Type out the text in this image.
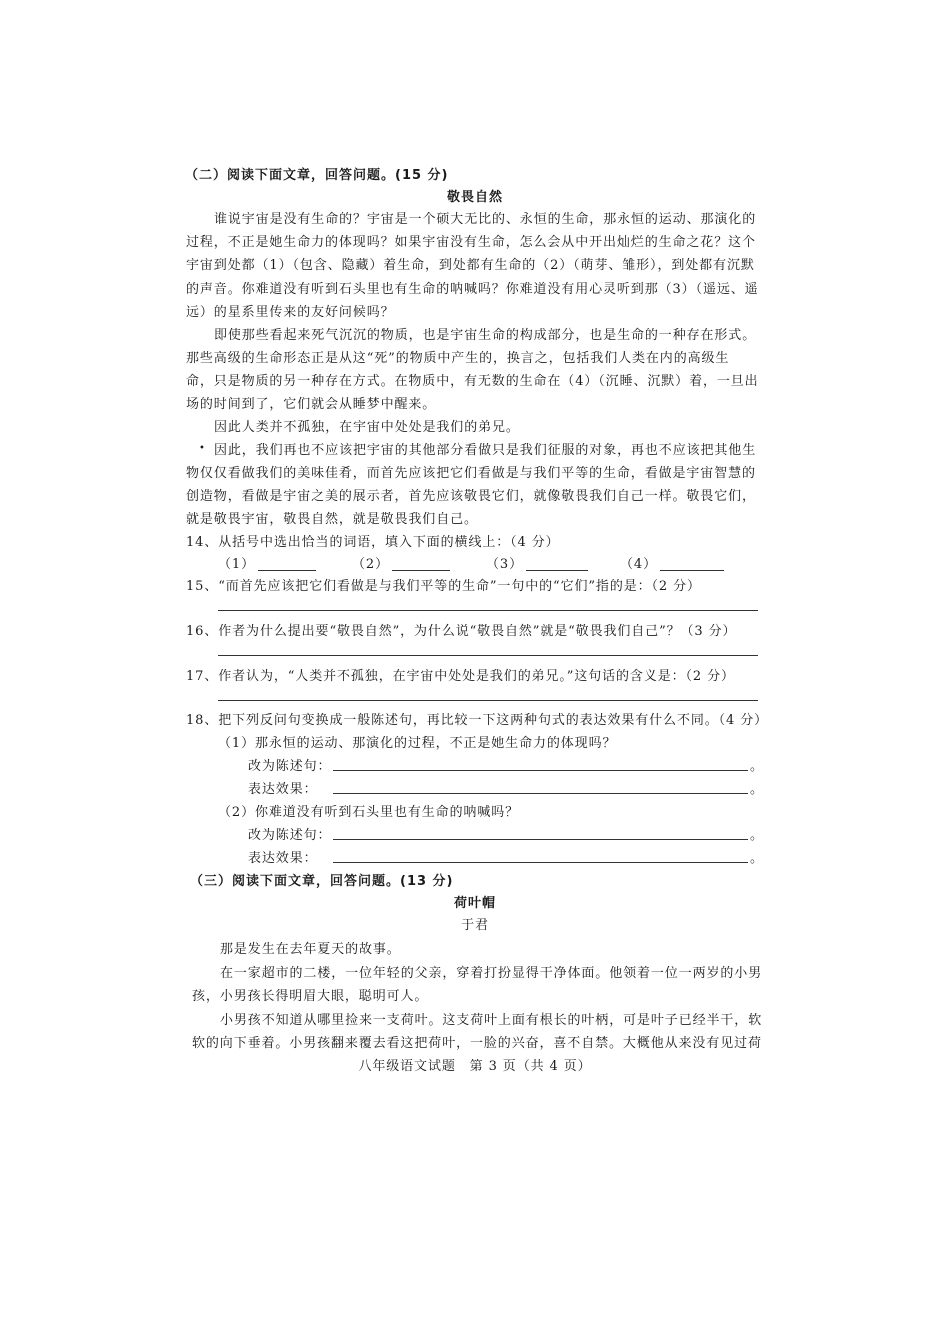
（二）阅读下面文章，回答问题。(15 分)
敬畏自然
谁说宇宙是没有生命的？宇宙是一个硕大无比的、永恒的生命，那永恒的运动、那演化的
过程，不正是她生命力的体现吗？如果宇宙没有生命，怎么会从中开出灿烂的生命之花？这个
宇宙到处都（1）（包含、隐藏）着生命，到处都有生命的（2）（萌芽、雏形），到处都有沉默
的声音。你难道没有听到石头里也有生命的呐喊吗？你难道没有用心灵听到那（3）（遥远、遥
远）的星系里传来的友好问候吗？
即使那些看起来死气沉沉的物质，也是宇宙生命的构成部分，也是生命的一种存在形式。
那些高级的生命形态正是从这“死”的物质中产生的，换言之，包括我们人类在内的高级生
命，只是物质的另一种存在方式。在物质中，有无数的生命在（4）（沉睡、沉默）着，一旦出
场的时间到了，它们就会从睡梦中醒来。
因此人类并不孤独，在宇宙中处处是我们的弟兄。
• 因此，我们再也不应该把宇宙的其他部分看做只是我们征服的对象，再也不应该把其他生
物仅仅看做我们的美味佳肴，而首先应该把它们看做是与我们平等的生命，看做是宇宙智慧的
创造物，看做是宇宙之美的展示者，首先应该敬畏它们，就像敬畏我们自己一样。敬畏它们，
就是敬畏宇宙，敬畏自然，就是敬畏我们自己。
14、从括号中选出恰当的词语，填入下面的横线上：（4 分）
（1）	（2）	（3）	（4）
15、“而首先应该把它们看做是与我们平等的生命”一句中的“它们”指的是：（2 分）
16、作者为什么提出要“敬畏自然”，为什么说“敬畏自然”就是“敬畏我们自己”？（3 分）
17、作者认为，“人类并不孤独，在宇宙中处处是我们的弟兄。”这句话的含义是：（2 分）
18、把下列反问句变换成一般陈述句，再比较一下这两种句式的表达效果有什么不同。（4 分）
（1）那永恒的运动、那演化的过程，不正是她生命力的体现吗？
改为陈述句：	。
表达效果：	。
（2）你难道没有听到石头里也有生命的呐喊吗？
改为陈述句：	。
表达效果：	。
（三）阅读下面文章，回答问题。(13 分)
荷叶帽
于君
那是发生在去年夏天的故事。
在一家超市的二楼，一位年轻的父亲，穿着打扮显得干净体面。他领着一位一两岁的小男
孩，小男孩长得明眉大眼，聪明可人。
小男孩不知道从哪里捡来一支荷叶。这支荷叶上面有根长的叶柄，可是叶子已经半干，软
软的向下垂着。小男孩翻来覆去看这把荷叶，一脸的兴奋，喜不自禁。大概他从来没有见过荷
八年级语文试题　第 3 页（共 4 页）
